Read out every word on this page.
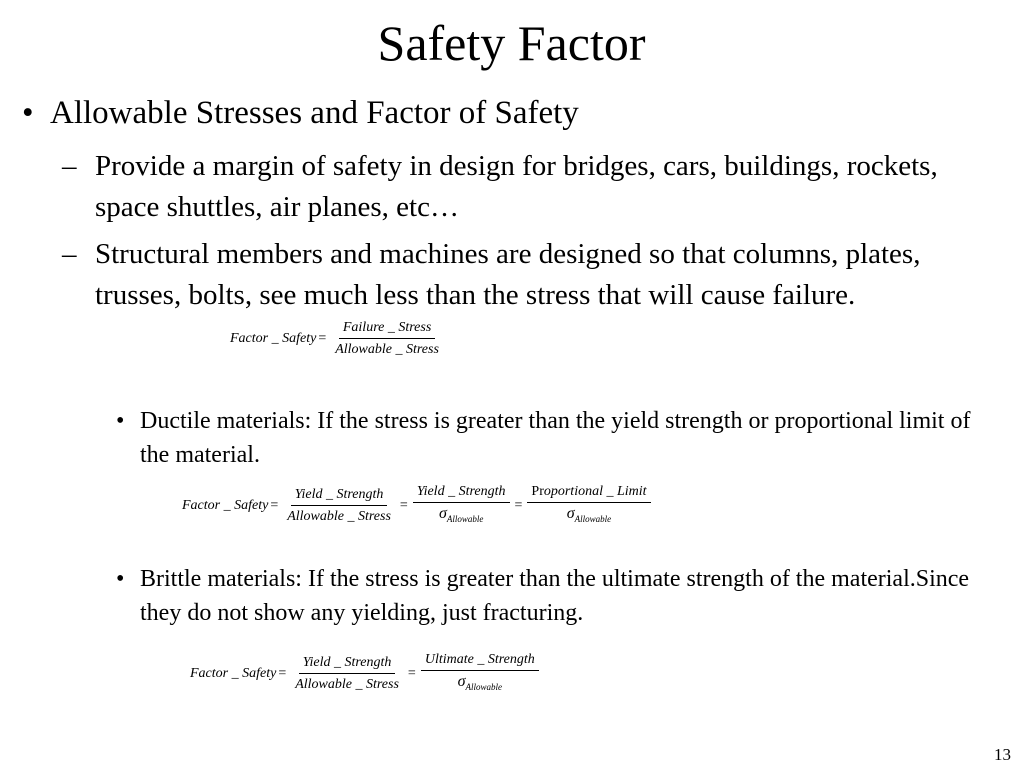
Safety Factor
• Allowable Stresses and Factor of Safety
– Provide a margin of safety in design for bridges, cars, buildings, rockets, space shuttles, air planes, etc…
– Structural members and machines are designed so that columns, plates, trusses, bolts, see much less than the stress that will cause failure.
Factor _ Safety = $\frac{\text{Failure \_ Stress}}{\text{Allowable \_ Stress}}$
• Ductile materials: If the stress is greater than the yield strength or proportional limit of the material.
Factor _ Safety = $\frac{\text{Yield \_ Strength}}{\text{Allowable \_ Stress}} = \frac{\text{Yield \_ Strength}}{\sigma_{Allowable}} = \frac{\text{Proportional \_ Limit}}{\sigma_{Allowable}}$
• Brittle materials: If the stress is greater than the ultimate strength of the material.Since they do not show any yielding, just fracturing.
Factor _ Safety = $\frac{\text{Yield \_ Strength}}{\text{Allowable \_ Stress}} = \frac{\text{Ultimate \_ Strength}}{\sigma_{Allowable}}$
13
